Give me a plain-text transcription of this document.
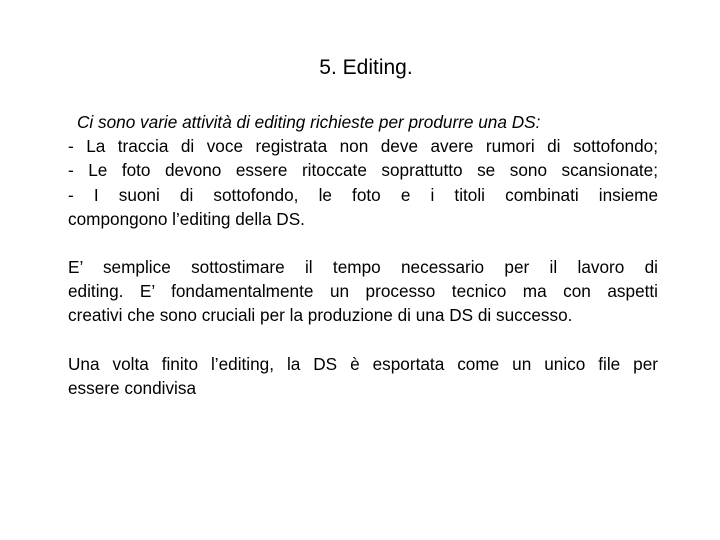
5. Editing.
Ci sono varie attività di editing richieste per produrre una DS:
- La traccia di voce registrata non deve avere rumori di sottofondo;
- Le foto devono essere ritoccate soprattutto se sono scansionate;
- I suoni di sottofondo, le foto e i titoli combinati insieme
compongono l’editing della DS.
E’ semplice sottostimare il tempo necessario per il lavoro di
editing. E’ fondamentalmente un processo tecnico ma con aspetti
creativi che sono cruciali per la produzione di una DS di successo.
Una volta finito l’editing, la DS è esportata come un unico file per
essere condivisa
